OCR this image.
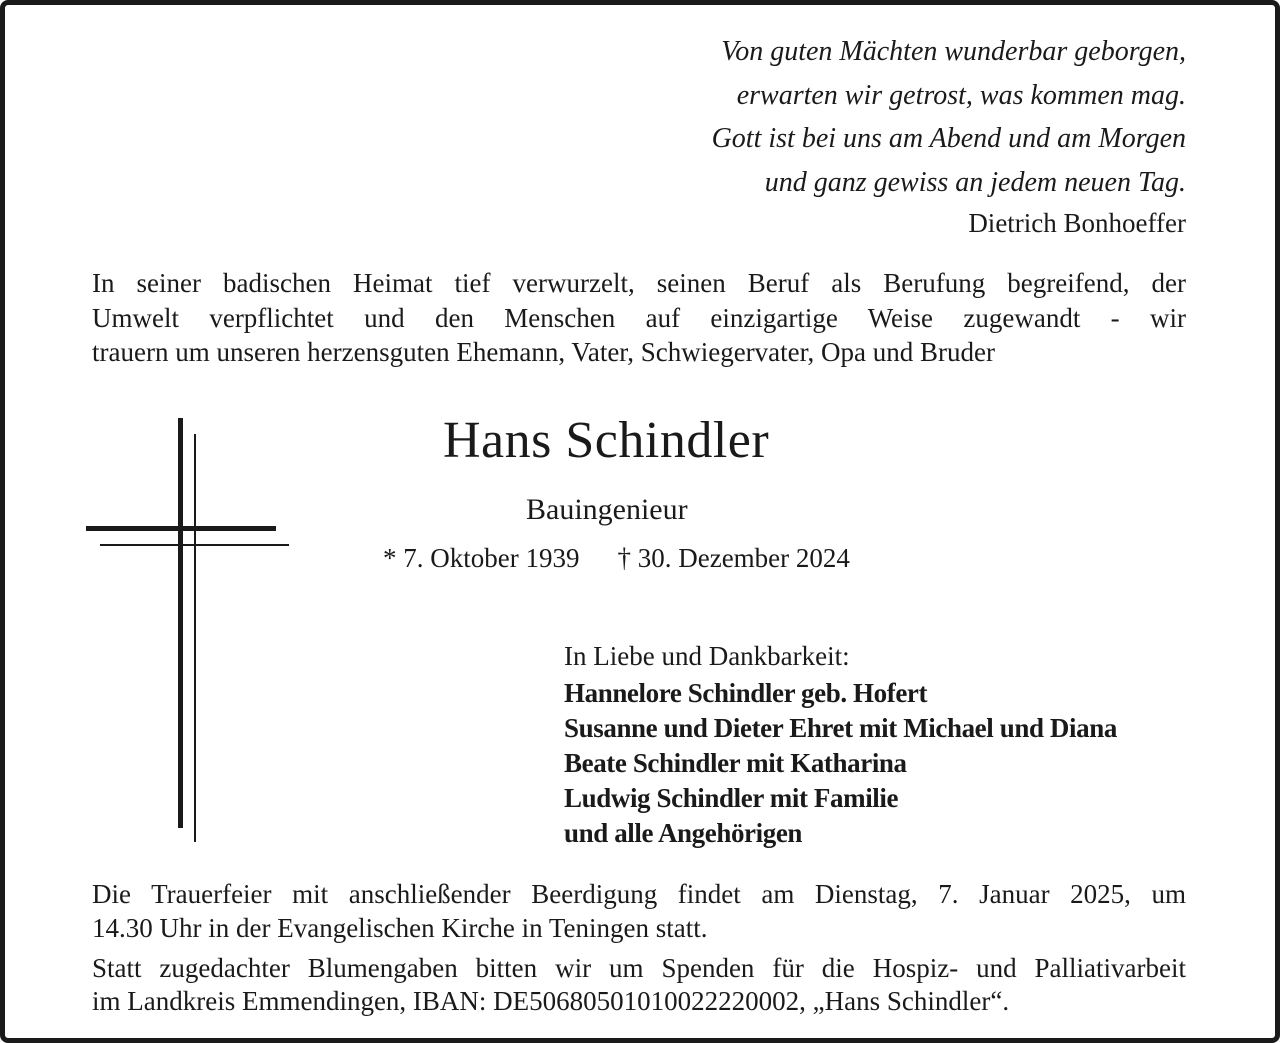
Von guten Mächten wunderbar geborgen,
erwarten wir getrost, was kommen mag.
Gott ist bei uns am Abend und am Morgen
und ganz gewiss an jedem neuen Tag.
Dietrich Bonhoeffer
In seiner badischen Heimat tief verwurzelt, seinen Beruf als Berufung begreifend, der
Umwelt verpflichtet und den Menschen auf einzigartige Weise zugewandt - wir
trauern um unseren herzensguten Ehemann, Vater, Schwiegervater, Opa und Bruder
Hans Schindler
Bauingenieur
* 7. Oktober 1939 † 30. Dezember 2024
In Liebe und Dankbarkeit:
Hannelore Schindler geb. Hofert
Susanne und Dieter Ehret mit Michael und Diana
Beate Schindler mit Katharina
Ludwig Schindler mit Familie
und alle Angehörigen
Die Trauerfeier mit anschließender Beerdigung findet am Dienstag, 7. Januar 2025, um
14.30 Uhr in der Evangelischen Kirche in Teningen statt.
Statt zugedachter Blumengaben bitten wir um Spenden für die Hospiz- und Palliativarbeit
im Landkreis Emmendingen, IBAN: DE50680501010022220002, „Hans Schindler“.
